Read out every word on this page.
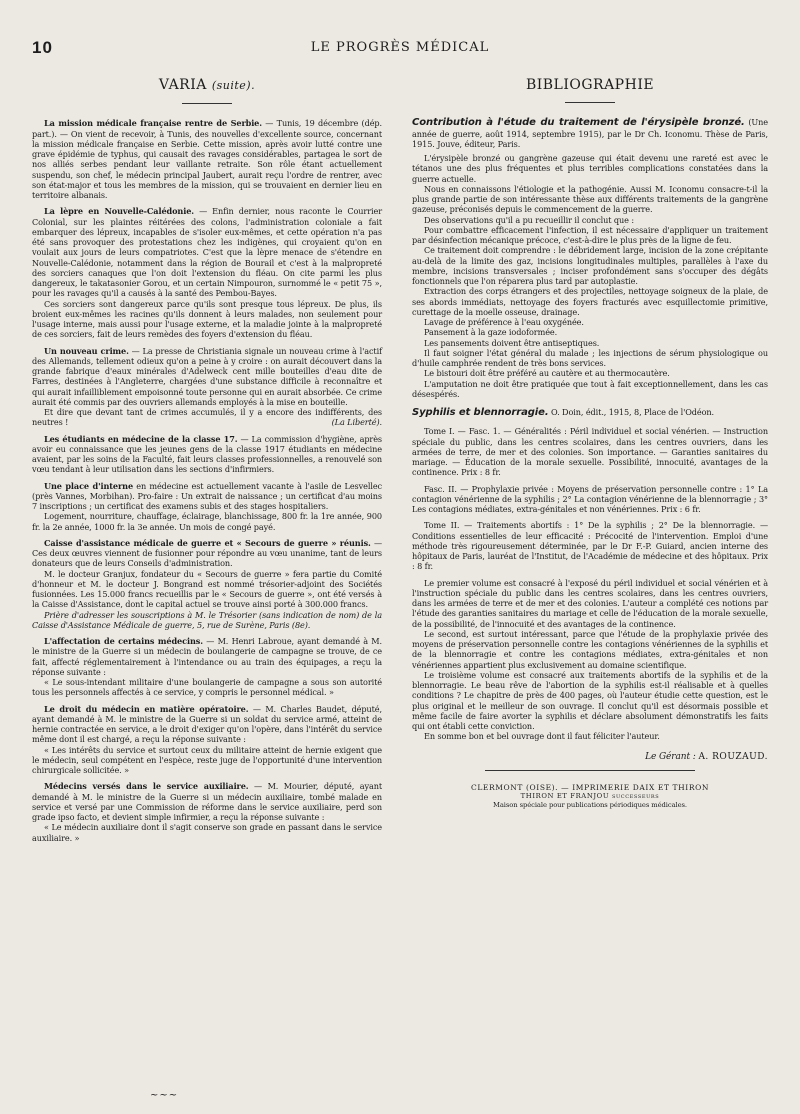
10	LE PROGRÈS MÉDICAL
VARIA (suite).

La mission médicale française rentre de Serbie. — Tunis, 19 décembre (dép. part.). — On vient de recevoir, à Tunis, des nouvelles d'excellente source, concernant la mission médicale française en Serbie. Cette mission, après avoir lutté contre une grave épidémie de typhus, qui causait des ravages considérables, partagea le sort de nos alliés serbes pendant leur vaillante retraite. Son rôle étant actuellement suspendu, son chef, le médecin principal Jaubert, aurait reçu l'ordre de rentrer, avec son état-major et tous les membres de la mission, qui se trouvaient en dernier lieu en territoire albanais.

La lèpre en Nouvelle-Calédonie. — Enfin dernier, nous raconte le Courrier Colonial, sur les plaintes réitérées des colons, l'administration coloniale a fait embarquer des lépreux, incapables de s'isoler eux-mêmes, et cette opération n'a pas été sans provoquer des protestations chez les indigènes, qui croyaient qu'on en voulait aux jours de leurs compatriotes. C'est que la lèpre menace de s'étendre en Nouvelle-Calédonie, notamment dans la région de Bourail et c'est à la malpropreté des sorciers canaques que l'on doit l'extension du fléau. On cite parmi les plus dangereux, le takatasonier Gorou, et un certain Nimpouron, surnommé le « petit 75 », pour les ravages qu'il a causés à la santé des Pembou-Bayes.

Ces sorciers sont dangereux parce qu'ils sont presque tous lépreux. De plus, ils broient eux-mêmes les racines qu'ils donnent à leurs malades, non seulement pour l'usage interne, mais aussi pour l'usage externe, et la maladie jointe à la malpropreté de ces sorciers, fait de leurs remèdes des foyers d'extension du fléau.

Un nouveau crime. — La presse de Christiania signale un nouveau crime à l'actif des Allemands, tellement odieux qu'on a peine à y croire : on aurait découvert dans la grande fabrique d'eaux minérales d'Adelweck cent mille bouteilles d'eau dite de Farres, destinées à l'Angleterre, chargées d'une substance difficile à reconnaître et qui aurait infailliblement empoisonné toute personne qui en aurait absorbée. Ce crime aurait été commis par des ouvriers allemands employés à la mise en bouteille.

Et dire que devant tant de crimes accumulés, il y a encore des indifférents, des neutres !	(La Liberté).

Les étudiants en médecine de la classe 17. — La commission d'hygiène, après avoir eu connaissance que les jeunes gens de la classe 1917 étudiants en médecine avaient, par les soins de la Faculté, fait leurs classes professionnelles, a renouvelé son vœu tendant à leur utilisation dans les sections d'infirmiers.

Une place d'interne en médecine est actuellement vacante à l'asile de Lesvellec (près Vannes, Morbihan). Pro-faire : Un extrait de naissance ; un certificat d'au moins 7 inscriptions ; un certificat des examens subis et des stages hospitaliers.

Logement, nourriture, chauffage, éclairage, blanchissage, 800 fr. la 1re année, 900 fr. la 2e année, 1000 fr. la 3e année. Un mois de congé payé.

Caisse d'assistance médicale de guerre et « Secours de guerre » réunis. — Ces deux œuvres viennent de fusionner pour répondre au vœu unanime, tant de leurs donateurs que de leurs Conseils d'administration.

M. le docteur Granjux, fondateur du « Secours de guerre » fera partie du Comité d'honneur et M. le docteur J. Bongrand est nommé trésorier-adjoint des Sociétés fusionnées. Les 15.000 francs recueillis par le « Secours de guerre », ont été versés à la Caisse d'Assistance, dont le capital actuel se trouve ainsi porté à 300.000 francs.

Prière d'adresser les souscriptions à M. le Trésorier (sans indication de nom) de la Caisse d'Assistance Médicale de guerre, 5, rue de Surène, Paris (8e).

L'affectation de certains médecins. — M. Henri Labroue, ayant demandé à M. le ministre de la Guerre si un médecin de boulangerie de campagne se trouve, de ce fait, affecté réglementairement à l'intendance ou au train des équipages, a reçu la réponse suivante :

« Le sous-intendant militaire d'une boulangerie de campagne a sous son autorité tous les personnels affectés à ce service, y compris le personnel médical. »

Le droit du médecin en matière opératoire. — M. Charles Baudet, député, ayant demandé à M. le ministre de la Guerre si un soldat du service armé, atteint de hernie contractée en service, a le droit d'exiger qu'on l'opère, dans l'intérêt du service même dont il est chargé, a reçu la réponse suivante :

« Les intérêts du service et surtout ceux du militaire atteint de hernie exigent que le médecin, seul compétent en l'espèce, reste juge de l'opportunité d'une intervention chirurgicale sollicitée. »

Médecins versés dans le service auxiliaire. — M. Mourier, député, ayant demandé à M. le ministre de la Guerre si un médecin auxiliaire, tombé malade en service et versé par une Commission de réforme dans le service auxiliaire, perd son grade ipso facto, et devient simple infirmier, a reçu la réponse suivante :

« Le médecin auxiliaire dont il s'agit conserve son grade en passant dans le service auxiliaire. »

BIBLIOGRAPHIE

Contribution à l'étude du traitement de l'érysipèle bronzé. (Une année de guerre, août 1914, septembre 1915), par le Dr Ch. Iconomu. Thèse de Paris, 1915. Jouve, éditeur, Paris.

L'érysipèle bronzé ou gangrène gazeuse qui était devenu une rareté est avec le tétanos une des plus fréquentes et plus terribles complications constatées dans la guerre actuelle.

Nous en connaissons l'étiologie et la pathogénie. Aussi M. Iconomu consacre-t-il la plus grande partie de son intéressante thèse aux différents traitements de la gangrène gazeuse, préconisés depuis le commencement de la guerre.

Des observations qu'il a pu recueillir il conclut que :

Pour combattre efficacement l'infection, il est nécessaire d'appliquer un traitement par désinfection mécanique précoce, c'est-à-dire le plus près de la ligne de feu.

Ce traitement doit comprendre : le débridement large, incision de la zone crépitante au-delà de la limite des gaz, incisions longitudinales multiples, parallèles à l'axe du membre, incisions transversales ; inciser profondément sans s'occuper des dégâts fonctionnels que l'on réparera plus tard par autoplastie.

Extraction des corps étrangers et des projectiles, nettoyage soigneux de la plaie, de ses abords immédiats, nettoyage des foyers fracturés avec esquillectomie primitive, curettage de la moelle osseuse, drainage.

Lavage de préférence à l'eau oxygénée.

Pansement à la gaze iodoformée.

Les pansements doivent être antiseptiques.

Il faut soigner l'état général du malade ; les injections de sérum physiologique ou d'huile camphrée rendent de très bons services.

Le bistouri doit être préféré au cautère et au thermocautère.

L'amputation ne doit être pratiquée que tout à fait exceptionnellement, dans les cas désespérés.

Syphilis et blennorragie. O. Doin, édit., 1915, 8, Place de l'Odéon.

Tome I. — Fasc. 1. — Généralités : Péril individuel et social vénérien. — Instruction spéciale du public, dans les centres scolaires, dans les centres ouvriers, dans les armées de terre, de mer et des colonies. Son importance. — Garanties sanitaires du mariage. — Éducation de la morale sexuelle. Possibilité, innocuité, avantages de la continence. Prix : 8 fr.

Fasc. II. — Prophylaxie privée : Moyens de préservation personnelle contre : 1° La contagion vénérienne de la syphilis ; 2° La contagion vénérienne de la blennorragie ; 3° Les contagions médiates, extra-génitales et non vénériennes. Prix : 6 fr.

Tome II. — Traitements abortifs : 1° De la syphilis ; 2° De la blennorragie. — Conditions essentielles de leur efficacité : Précocité de l'intervention. Emploi d'une méthode très rigoureusement déterminée, par le Dr F.-P. Guiard, ancien interne des hôpitaux de Paris, lauréat de l'Institut, de l'Académie de médecine et des hôpitaux. Prix : 8 fr.

Le premier volume est consacré à l'exposé du péril individuel et social vénérien et à l'instruction spéciale du public dans les centres scolaires, dans les centres ouvriers, dans les armées de terre et de mer et des colonies. L'auteur a complété ces notions par l'étude des garanties sanitaires du mariage et celle de l'éducation de la morale sexuelle, de la possibilité, de l'innocuité et des avantages de la continence.

Le second, est surtout intéressant, parce que l'étude de la prophylaxie privée des moyens de préservation personnelle contre les contagions vénériennes de la syphilis et de la blennorragie et contre les contagions médiates, extra-génitales et non vénériennes appartient plus exclusivement au domaine scientifique.

Le troisième volume est consacré aux traitements abortifs de la syphilis et de la blennorragie. Le beau rêve de l'abortion de la syphilis est-il réalisable et à quelles conditions ? Le chapitre de près de 400 pages, où l'auteur étudie cette question, est le plus original et le meilleur de son ouvrage. Il conclut qu'il est désormais possible et même facile de faire avorter la syphilis et déclare absolument démonstratifs les faits qui ont établi cette conviction.

En somme bon et bel ouvrage dont il faut féliciter l'auteur.

Le Gérant : A. ROUZAUD.
CLERMONT (OISE). — IMPRIMERIE DAIX ET THIRON
THIRON ET FRANJOU successeurs
Maison spéciale pour publications périodiques médicales.
~~~
